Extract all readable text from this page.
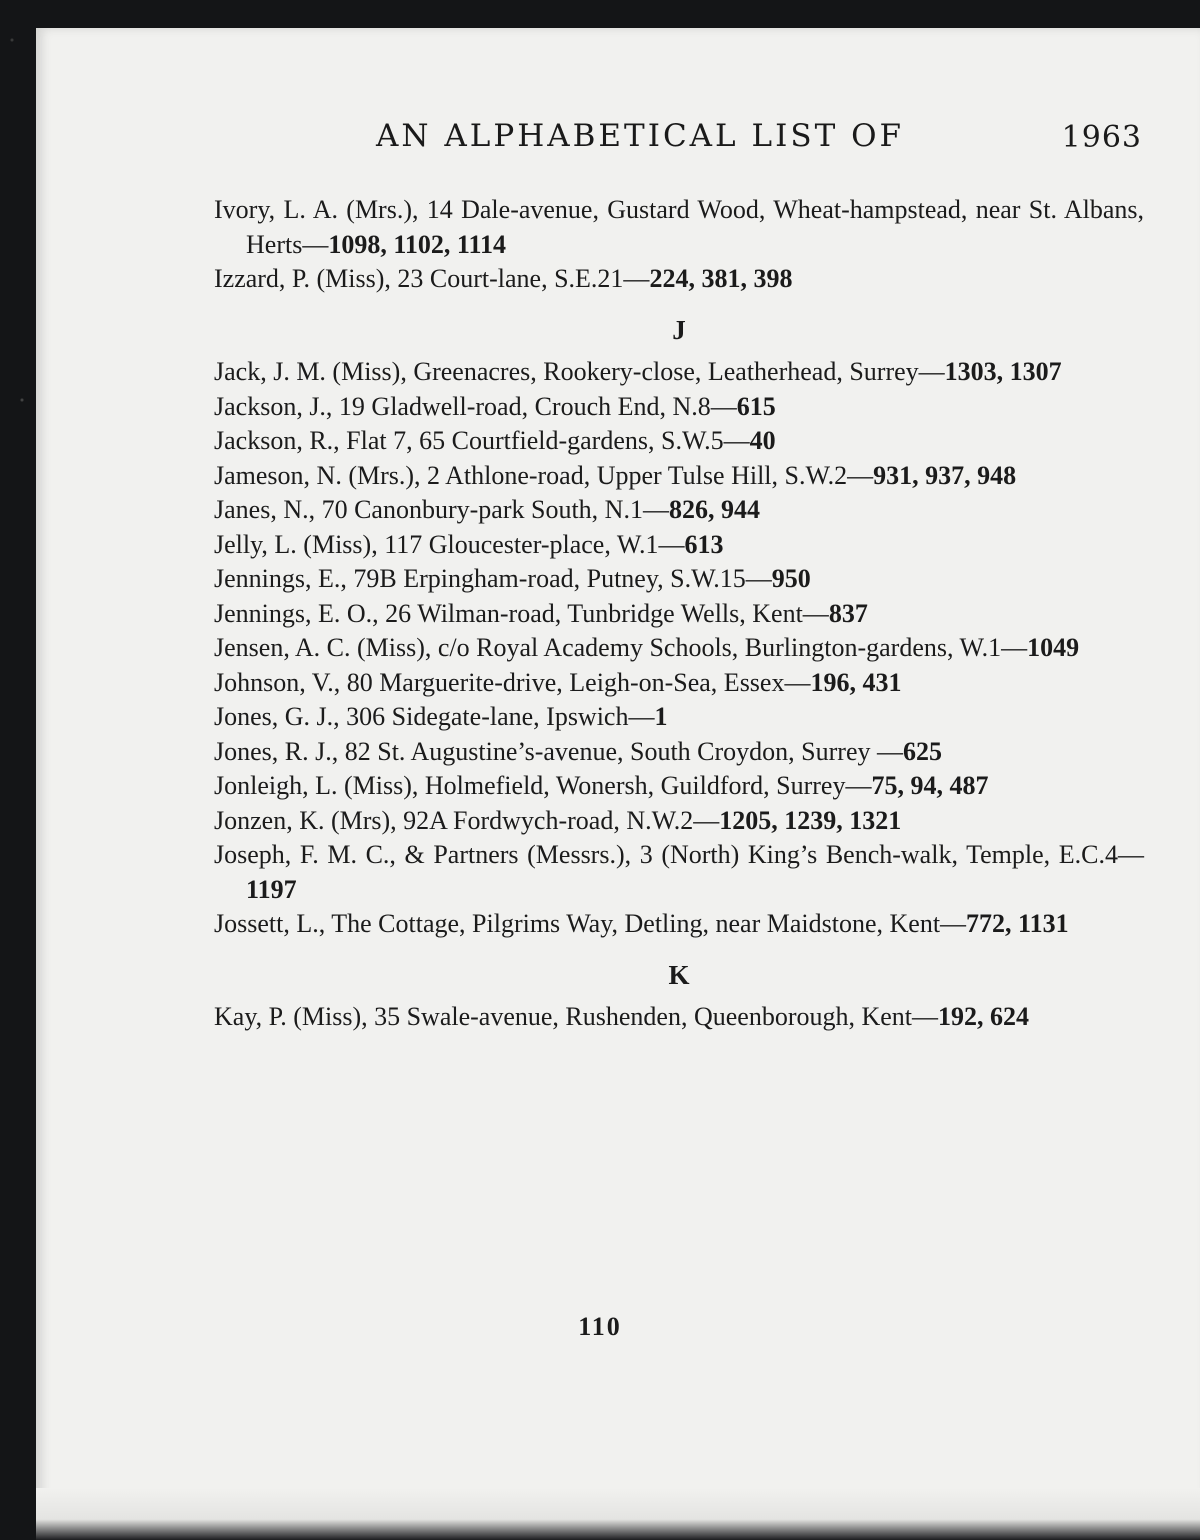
AN ALPHABETICAL LIST OF	1963

Ivory, L. A. (Mrs.), 14 Dale-avenue, Gustard Wood, Wheat-hampstead, near St. Albans, Herts—1098, 1102, 1114

Izzard, P. (Miss), 23 Court-lane, S.E.21—224, 381, 398

J

Jack, J. M. (Miss), Greenacres, Rookery-close, Leatherhead, Surrey—1303, 1307

Jackson, J., 19 Gladwell-road, Crouch End, N.8—615

Jackson, R., Flat 7, 65 Courtfield-gardens, S.W.5—40

Jameson, N. (Mrs.), 2 Athlone-road, Upper Tulse Hill, S.W.2—931, 937, 948

Janes, N., 70 Canonbury-park South, N.1—826, 944

Jelly, L. (Miss), 117 Gloucester-place, W.1—613

Jennings, E., 79B Erpingham-road, Putney, S.W.15—950

Jennings, E. O., 26 Wilman-road, Tunbridge Wells, Kent—837

Jensen, A. C. (Miss), c/o Royal Academy Schools, Burlington-gardens, W.1—1049

Johnson, V., 80 Marguerite-drive, Leigh-on-Sea, Essex—196, 431

Jones, G. J., 306 Sidegate-lane, Ipswich—1

Jones, R. J., 82 St. Augustine’s-avenue, South Croydon, Surrey —625

Jonleigh, L. (Miss), Holmefield, Wonersh, Guildford, Surrey—75, 94, 487

Jonzen, K. (Mrs), 92A Fordwych-road, N.W.2—1205, 1239, 1321

Joseph, F. M. C., & Partners (Messrs.), 3 (North) King’s Bench-walk, Temple, E.C.4—1197

Jossett, L., The Cottage, Pilgrims Way, Detling, near Maidstone, Kent—772, 1131

K

Kay, P. (Miss), 35 Swale-avenue, Rushenden, Queenborough, Kent—192, 624

110
